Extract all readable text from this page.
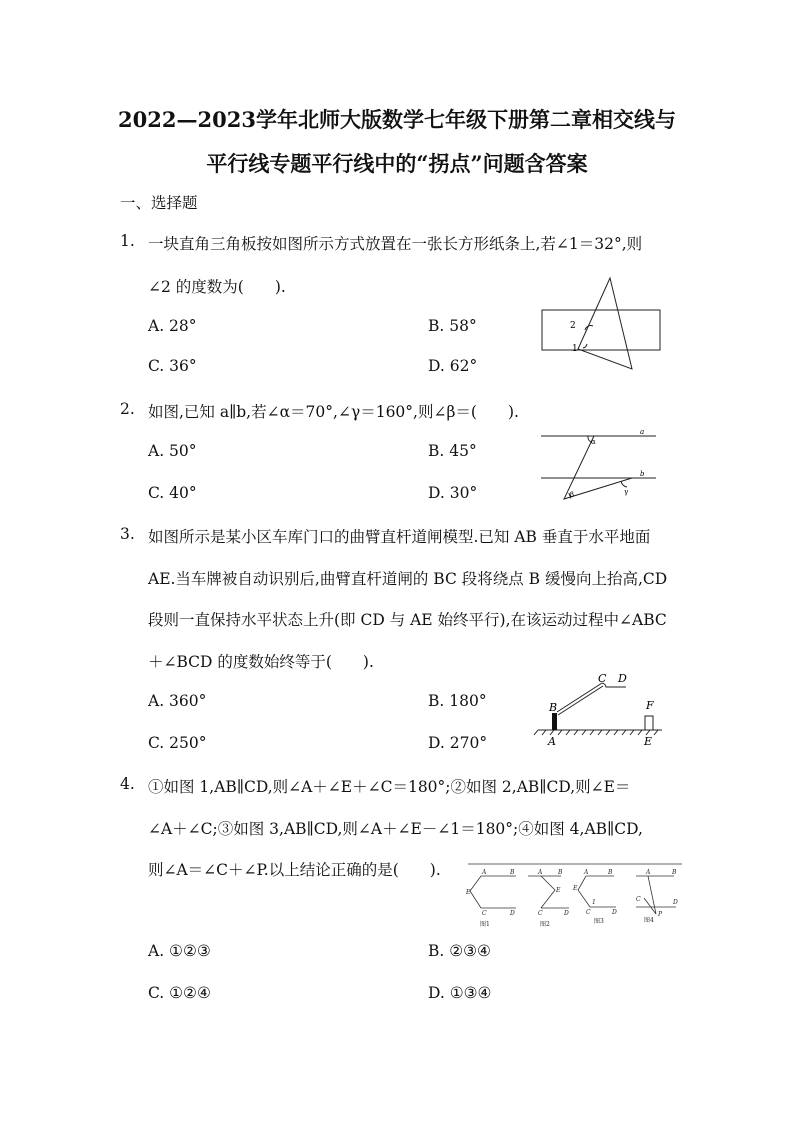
2022—2023学年北师大版数学七年级下册第二章相交线与
平行线专题平行线中的“拐点”问题含答案
一、选择题
1. 一块直角三角板按如图所示方式放置在一张长方形纸条上,若∠1＝32°,则
∠2 的度数为(　　).
A. 28°	B. 58°
C. 36°	D. 62°
2
1
2. 如图,已知 a∥b,若∠α＝70°,∠γ＝160°,则∠β＝(　　).
A. 50°	B. 45°
C. 40°	D. 30°
a
b
α
β	γ
3. 如图所示是某小区车库门口的曲臂直杆道闸模型.已知 AB 垂直于水平地面
AE.当车牌被自动识别后,曲臂直杆道闸的 BC 段将绕点 B 缓慢向上抬高,CD
段则一直保持水平状态上升(即 CD 与 AE 始终平行),在该运动过程中∠ABC
＋∠BCD 的度数始终等于(　　).
A. 360°	B. 180°
C. 250°	D. 270°
B
A
C D
F
E
4. ①如图 1,AB∥CD,则∠A＋∠E＋∠C＝180°;②如图 2,AB∥CD,则∠E＝
∠A＋∠C;③如图 3,AB∥CD,则∠A＋∠E－∠1＝180°;④如图 4,AB∥CD,
则∠A＝∠C＋∠P.以上结论正确的是(　　).
A. ①②③	B. ②③④
C. ①②④	D. ①③④
A	B
E
C	D
A	B
E
C	D
A	B
E
1
C	D
A	B
C	D
P
图1	图2	图3	图4
